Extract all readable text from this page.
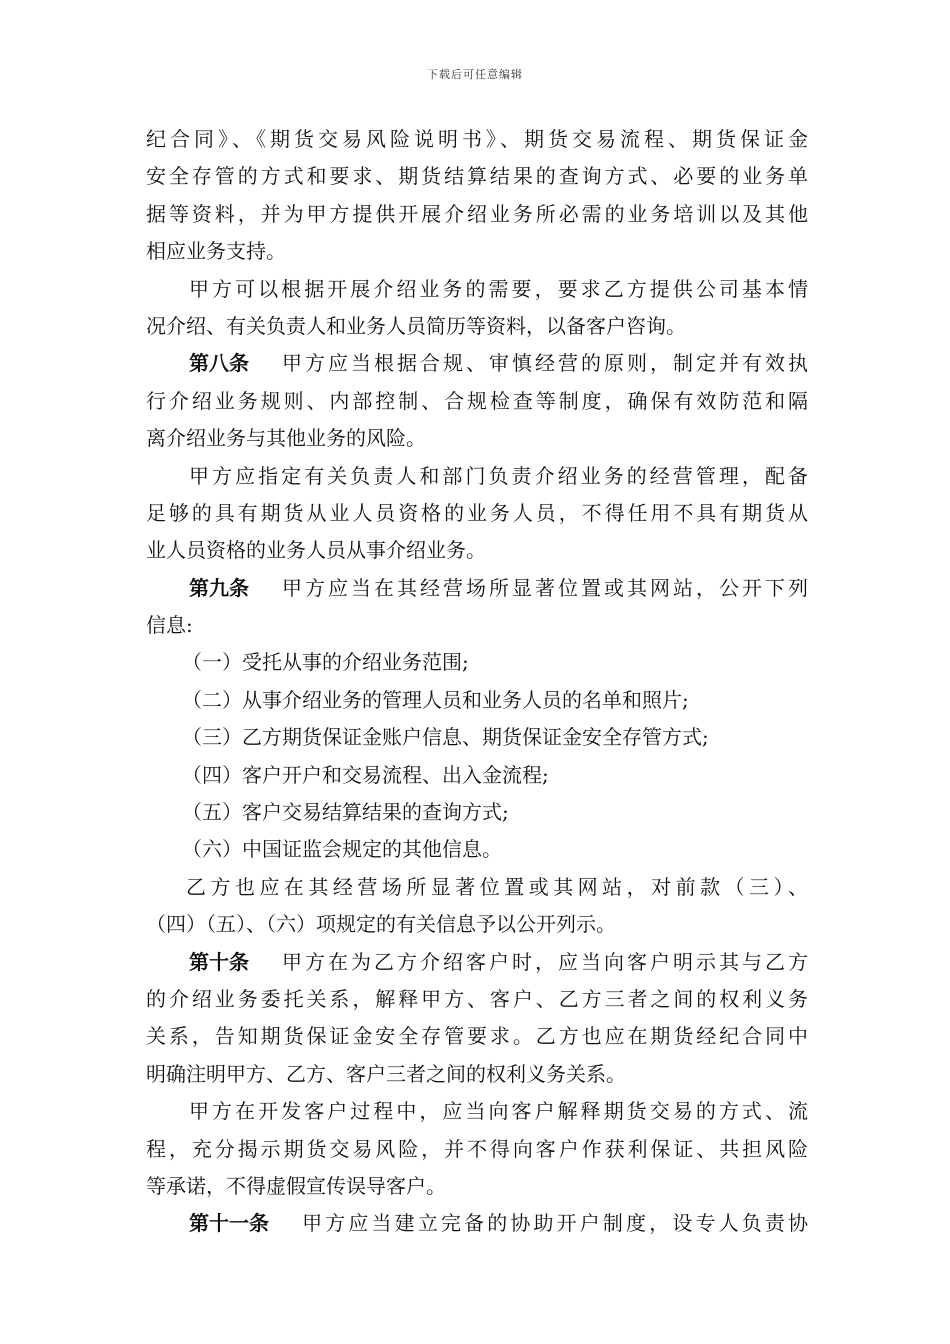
下载后可任意编辑
纪合同》、《期货交易风险说明书》、期货交易流程、期货保证金
安全存管的方式和要求、期货结算结果的查询方式、必要的业务单
据等资料，并为甲方提供开展介绍业务所必需的业务培训以及其他
相应业务支持。
甲方可以根据开展介绍业务的需要，要求乙方提供公司基本情
况介绍、有关负责人和业务人员简历等资料，以备客户咨询。
第八条 甲方应当根据合规、审慎经营的原则，制定并有效执
行介绍业务规则、内部控制、合规检查等制度，确保有效防范和隔
离介绍业务与其他业务的风险。
甲方应指定有关负责人和部门负责介绍业务的经营管理，配备
足够的具有期货从业人员资格的业务人员，不得任用不具有期货从
业人员资格的业务人员从事介绍业务。
第九条 甲方应当在其经营场所显著位置或其网站，公开下列
信息:
（一）受托从事的介绍业务范围;
（二）从事介绍业务的管理人员和业务人员的名单和照片;
（三）乙方期货保证金账户信息、期货保证金安全存管方式;
（四）客户开户和交易流程、出入金流程;
（五）客户交易结算结果的查询方式;
（六）中国证监会规定的其他信息。
乙方也应在其经营场所显著位置或其网站，对前款（三）、
（四）（五）、（六）项规定的有关信息予以公开列示。
第十条 甲方在为乙方介绍客户时，应当向客户明示其与乙方
的介绍业务委托关系，解释甲方、客户、乙方三者之间的权利义务
关系，告知期货保证金安全存管要求。乙方也应在期货经纪合同中
明确注明甲方、乙方、客户三者之间的权利义务关系。
甲方在开发客户过程中，应当向客户解释期货交易的方式、流
程，充分揭示期货交易风险，并不得向客户作获利保证、共担风险
等承诺，不得虚假宣传误导客户。
第十一条 甲方应当建立完备的协助开户制度，设专人负责协
